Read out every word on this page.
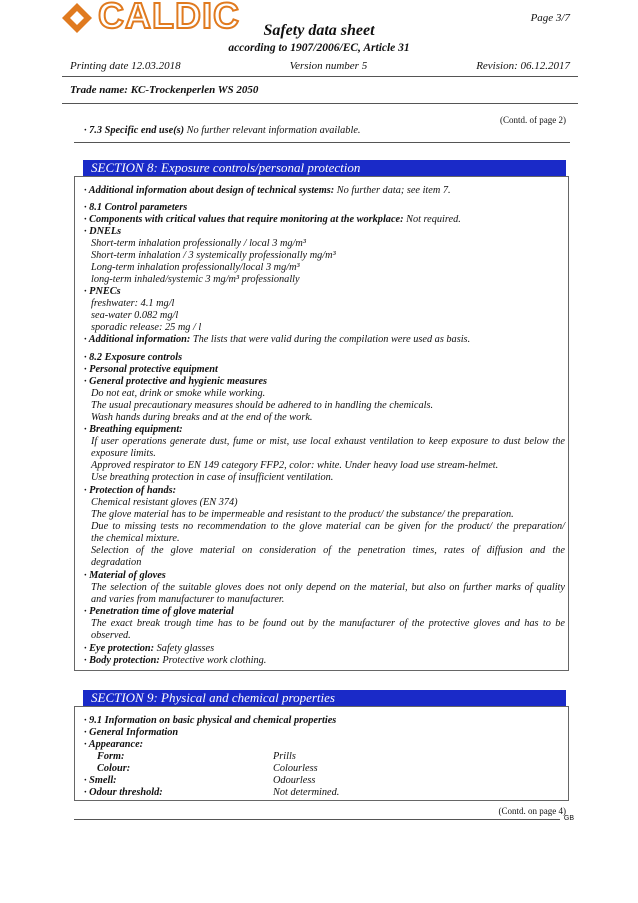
CALDIC	Page 3/7
Safety data sheet
according to 1907/2006/EC, Article 31
Printing date 12.03.2018	Version number 5	Revision: 06.12.2017
Trade name: KC-Trockenperlen WS 2050
(Contd. of page 2)
· 7.3 Specific end use(s) No further relevant information available.
SECTION 8: Exposure controls/personal protection
· Additional information about design of technical systems: No further data; see item 7.
· 8.1 Control parameters
· Components with critical values that require monitoring at the workplace: Not required.
· DNELs
Short-term inhalation professionally / local 3 mg/m³
Short-term inhalation / 3 systemically professionally mg/m³
Long-term inhalation professionally/local 3 mg/m³
long-term inhaled/systemic 3 mg/m³ professionally
· PNECs
freshwater: 4.1 mg/l
sea-water 0.082 mg/l
sporadic release: 25 mg / l
· Additional information: The lists that were valid during the compilation were used as basis.
· 8.2 Exposure controls
· Personal protective equipment
· General protective and hygienic measures
Do not eat, drink or smoke while working.
The usual precautionary measures should be adhered to in handling the chemicals.
Wash hands during breaks and at the end of the work.
· Breathing equipment:
If user operations generate dust, fume or mist, use local exhaust ventilation to keep exposure to dust below the
exposure limits.
Approved respirator to EN 149 category FFP2, color: white. Under heavy load use stream-helmet.
Use breathing protection in case of insufficient ventilation.
· Protection of hands:
Chemical resistant gloves (EN 374)
The glove material has to be impermeable and resistant to the product/ the substance/ the preparation.
Due to missing tests no recommendation to the glove material can be given for the product/ the preparation/
the chemical mixture.
Selection of the glove material on consideration of the penetration times, rates of diffusion and the
degradation
· Material of gloves
The selection of the suitable gloves does not only depend on the material, but also on further marks of quality
and varies from manufacturer to manufacturer.
· Penetration time of glove material
The exact break trough time has to be found out by the manufacturer of the protective gloves and has to be
observed.
· Eye protection: Safety glasses
· Body protection: Protective work clothing.
SECTION 9: Physical and chemical properties
· 9.1 Information on basic physical and chemical properties
· General Information
· Appearance:
Form:	Prills
Colour:	Colourless
· Smell:	Odourless
· Odour threshold:	Not determined.
(Contd. on page 4)
GB
